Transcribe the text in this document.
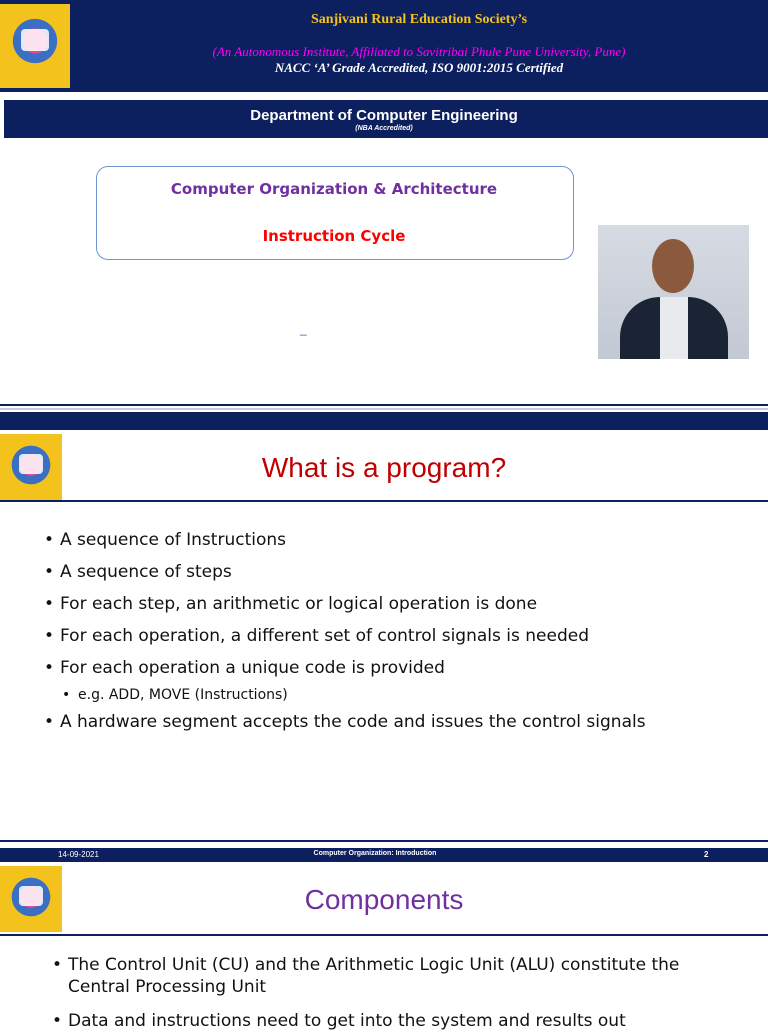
Sanjivani Rural Education Society’s
(An Autonomous Institute, Affiliated to Savitribai Phule Pune University, Pune)
NACC ‘A’ Grade Accredited, ISO 9001:2015 Certified
Department of Computer Engineering
(NBA Accredited)
Computer Organization & Architecture
Instruction Cycle
_
What is a program?
• A sequence of Instructions
• A sequence of steps
• For each step, an arithmetic or logical operation is done
• For each operation, a different set of control signals is needed
• For each operation a unique code is provided
• e.g. ADD, MOVE (Instructions)
• A hardware segment accepts the code and issues the control signals
14-09-2021	Computer Organization: Introduction	2
Components
• The Control Unit (CU) and the Arithmetic Logic Unit (ALU) constitute the Central Processing Unit
• Data and instructions need to get into the system and results out
